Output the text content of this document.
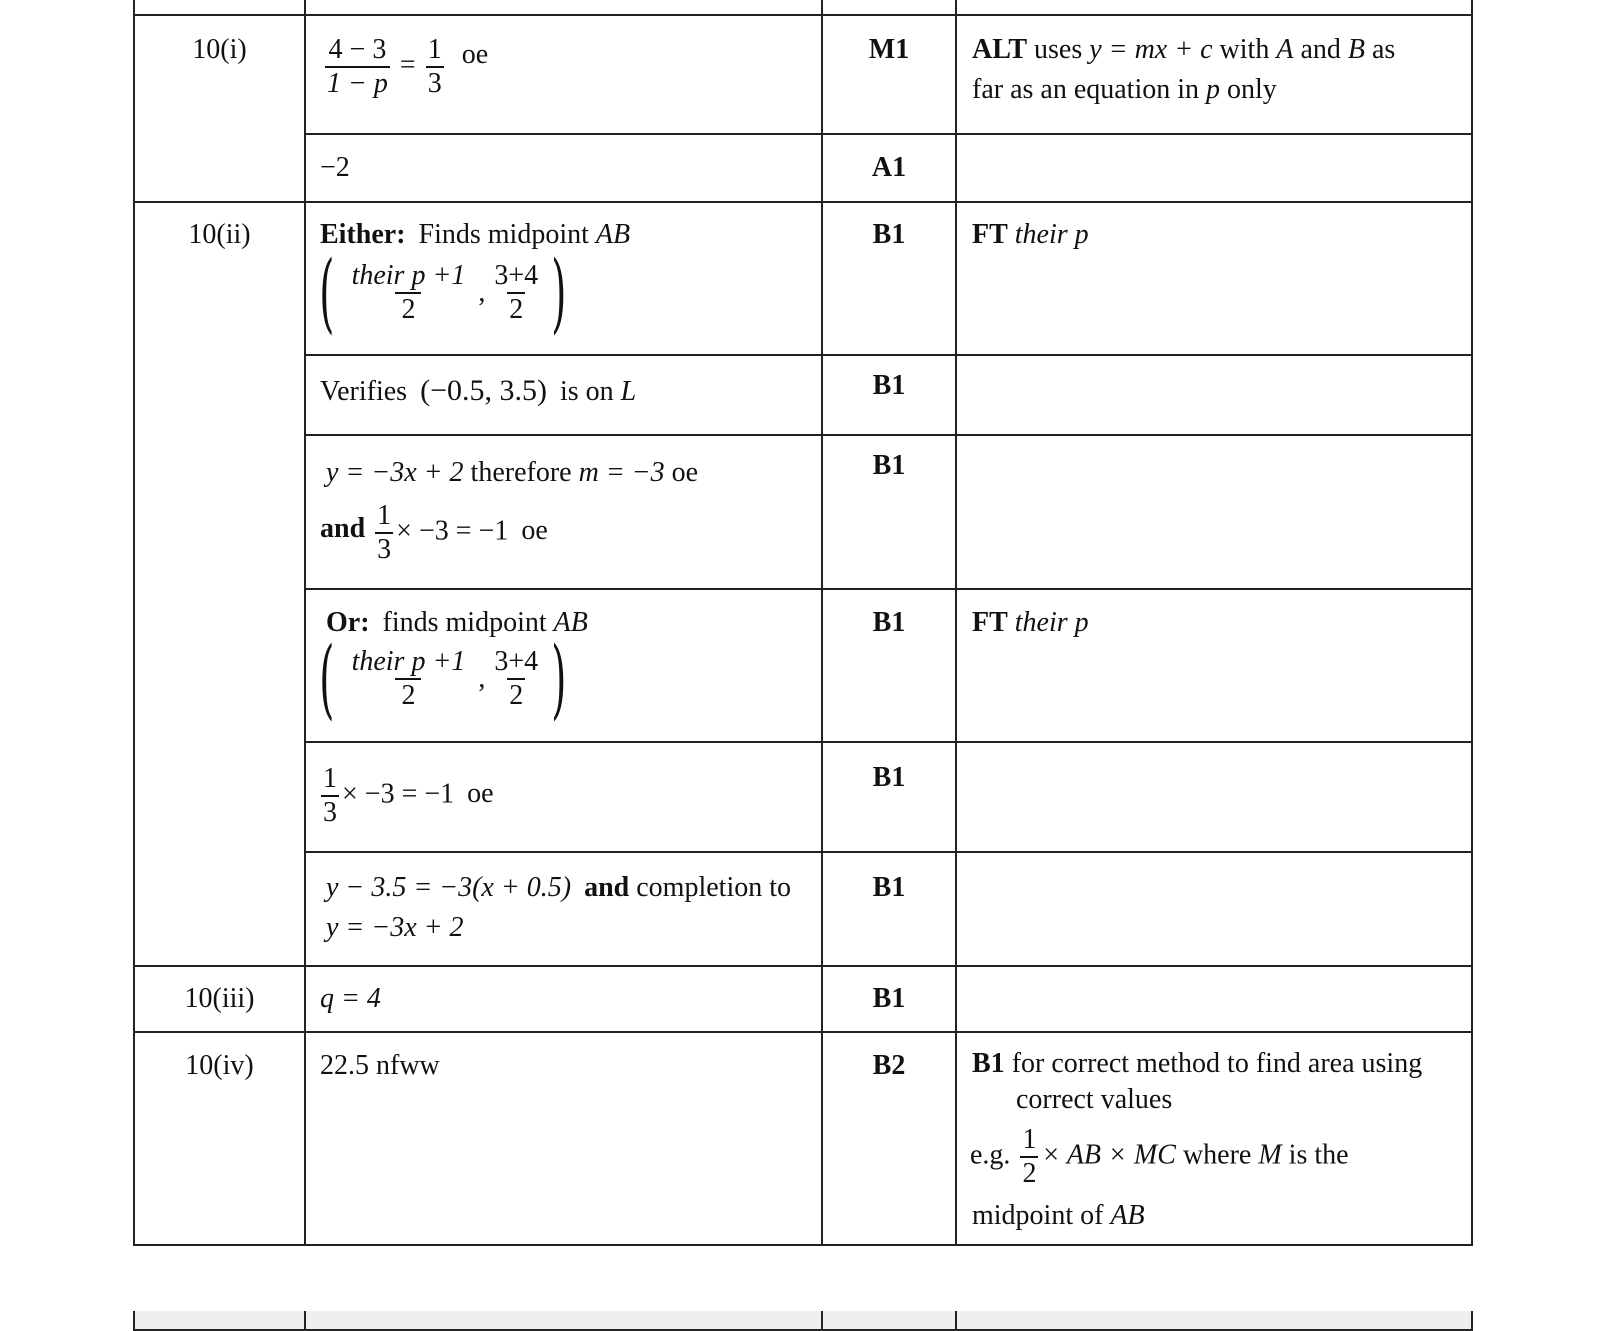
10(i)	$\frac{4 - 3}{1 - p} = \frac{1}{3}$ oe	M1	ALT uses y = mx + c with A and B as
far as an equation in p only
−2	A1
10(ii)	Either: Finds midpoint AB
( $\frac{\text{their p +1}}{2}$ , $\frac{3+4}{2}$ )
B1	FT their p
Verifies (−0.5, 3.5) is on L	B1
y = −3x + 2 therefore m = −3 oe
and $\frac{1}{3} \times -3 = -1$ oe
B1
Or: finds midpoint AB
( $\frac{\text{their p +1}}{2}$ , $\frac{3+4}{2}$ )
B1	FT their p
$\frac{1}{3} \times -3 = -1$ oe
B1
y − 3.5 = −3(x + 0.5) and completion to
y = −3x + 2
B1
10(iii)	q = 4	B1
10(iv)	22.5 nfww	B2	B1 for correct method to find area using
correct values
e.g. $\frac{1}{2}$ × AB × MC where M is the
midpoint of AB
